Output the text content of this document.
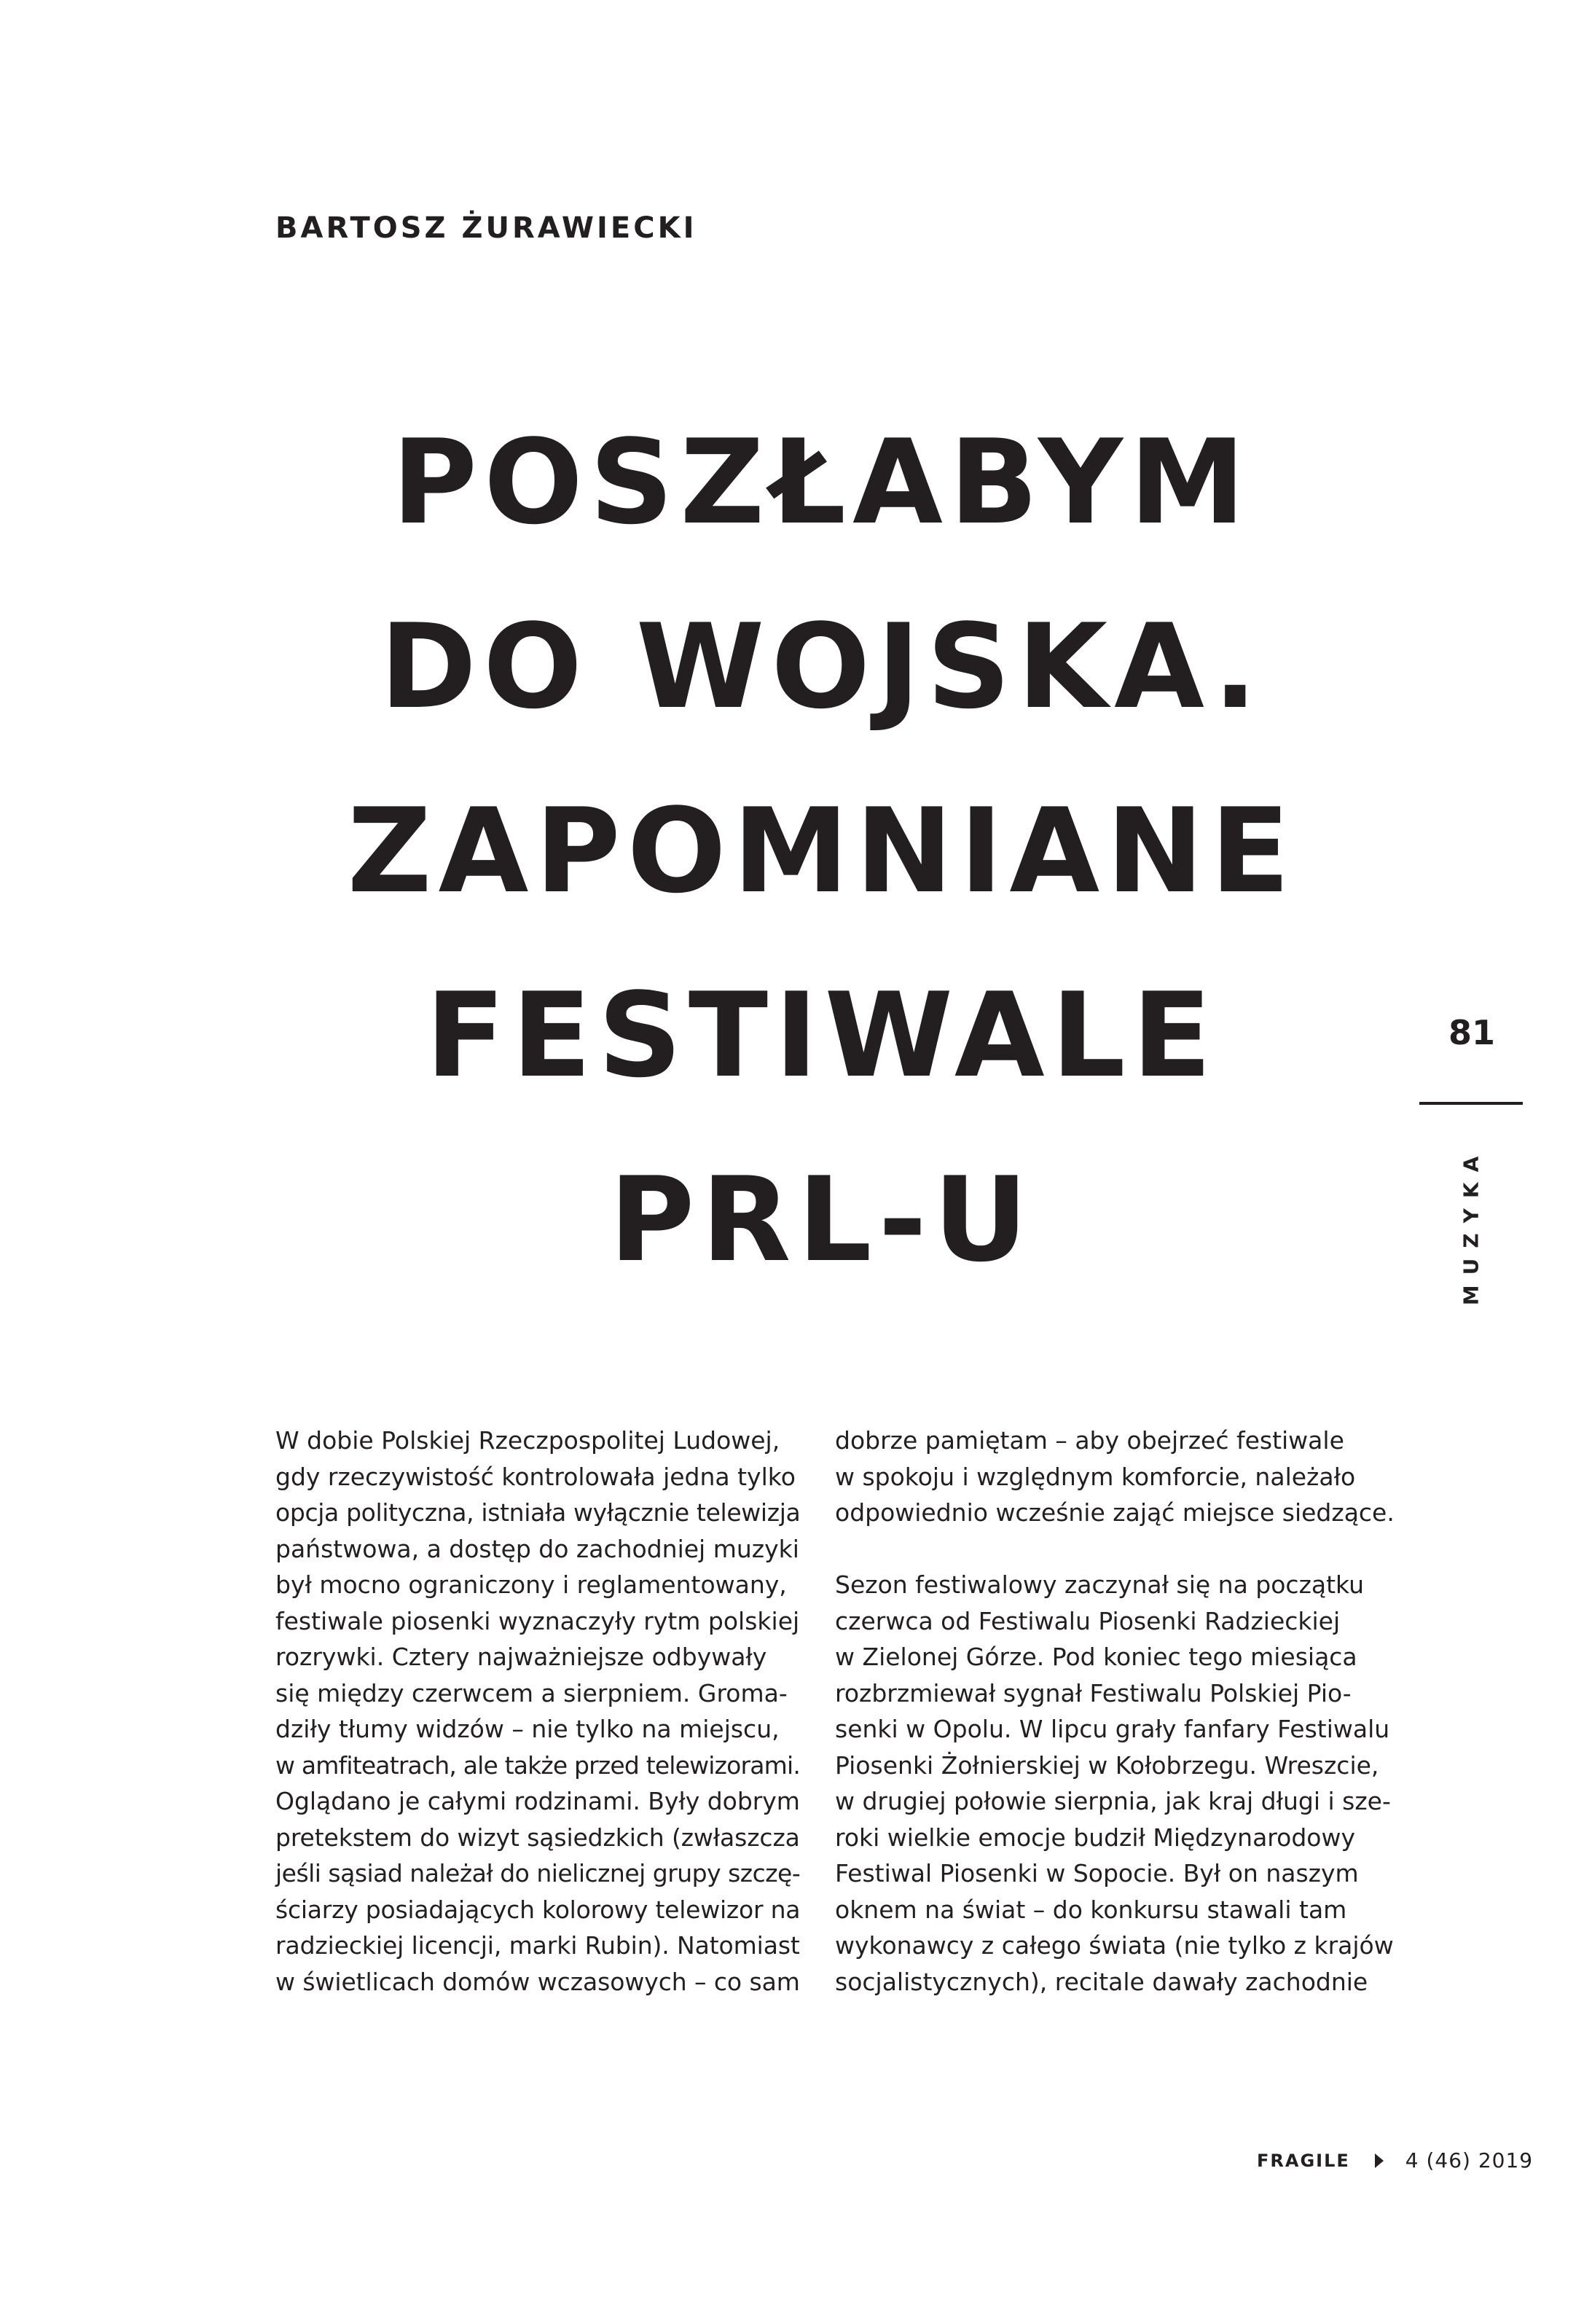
BARTOSZ ŻURAWIECKI
POSZŁABYM
DO WOJSKA.
ZAPOMNIANE
FESTIWALE
PRL-U
81
MUZYKA
W dobie Polskiej Rzeczpospolitej Ludowej,
gdy rzeczywistość kontrolowała jedna tylko
opcja polityczna, istniała wyłącznie telewizja
państwowa, a dostęp do zachodniej muzyki
był mocno ograniczony i reglamentowany,
festiwale piosenki wyznaczyły rytm polskiej
rozrywki. Cztery najważniejsze odbywały
się między czerwcem a sierpniem. Groma-
dziły tłumy widzów – nie tylko na miejscu,
w amfiteatrach, ale także przed telewizorami.
Oglądano je całymi rodzinami. Były dobrym
pretekstem do wizyt sąsiedzkich (zwłaszcza
jeśli sąsiad należał do nielicznej grupy szczę-
ściarzy posiadających kolorowy telewizor na
radzieckiej licencji, marki Rubin). Natomiast
w świetlicach domów wczasowych – co sam
dobrze pamiętam – aby obejrzeć festiwale
w spokoju i względnym komforcie, należało
odpowiednio wcześnie zająć miejsce siedzące.
Sezon festiwalowy zaczynał się na początku
czerwca od Festiwalu Piosenki Radzieckiej
w Zielonej Górze. Pod koniec tego miesiąca
rozbrzmiewał sygnał Festiwalu Polskiej Pio-
senki w Opolu. W lipcu grały fanfary Festiwalu
Piosenki Żołnierskiej w Kołobrzegu. Wreszcie,
w drugiej połowie sierpnia, jak kraj długi i sze-
roki wielkie emocje budził Międzynarodowy
Festiwal Piosenki w Sopocie. Był on naszym
oknem na świat – do konkursu stawali tam
wykonawcy z całego świata (nie tylko z krajów
socjalistycznych), recitale dawały zachodnie
FRAGILE	4 (46) 2019
